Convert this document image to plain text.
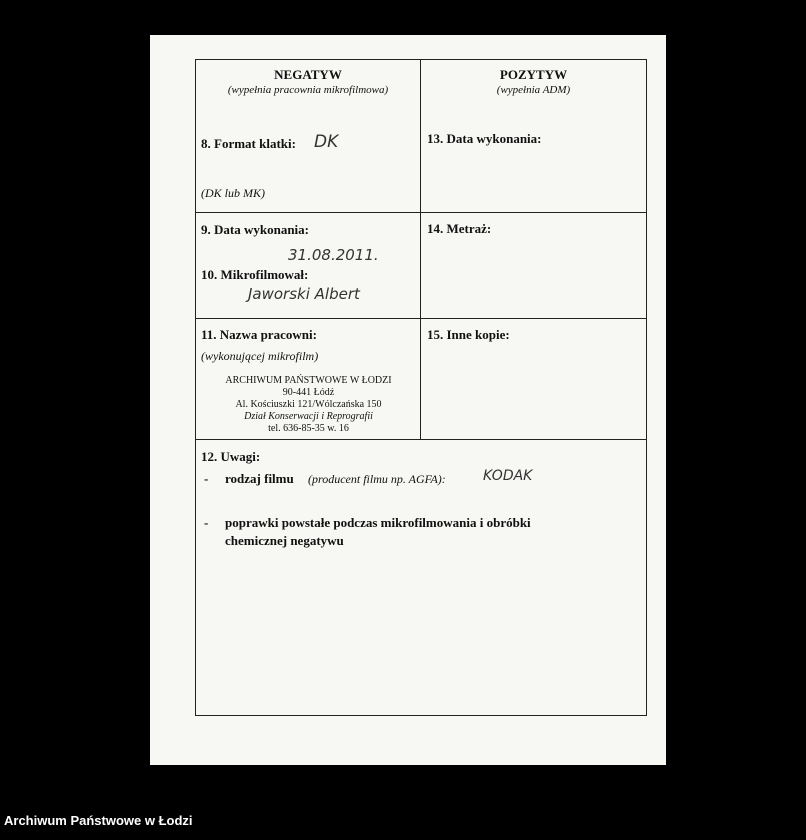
NEGATYW
(wypełnia pracownia mikrofilmowa)
8. Format klatki: DK
(DK lub MK)
9. Data wykonania:
31.08.2011.
10. Mikrofilmował:
Jaworski Albert
11. Nazwa pracowni:
(wykonującej mikrofilm)
ARCHIWUM PAŃSTWOWE W ŁODZI
90-441 Łódź
Al. Kościuszki 121/Wólczańska 150
Dział Konserwacji i Reprografii
tel. 636-85-35 w. 16
POZYTYW
(wypełnia ADM)
13. Data wykonania:
14. Metraż:
15. Inne kopie:
12. Uwagi:
- rodzaj filmu (producent filmu np. AGFA):	KODAK
- poprawki powstałe podczas mikrofilmowania i obróbki
chemicznej negatywu
Archiwum Państwowe w Łodzi
